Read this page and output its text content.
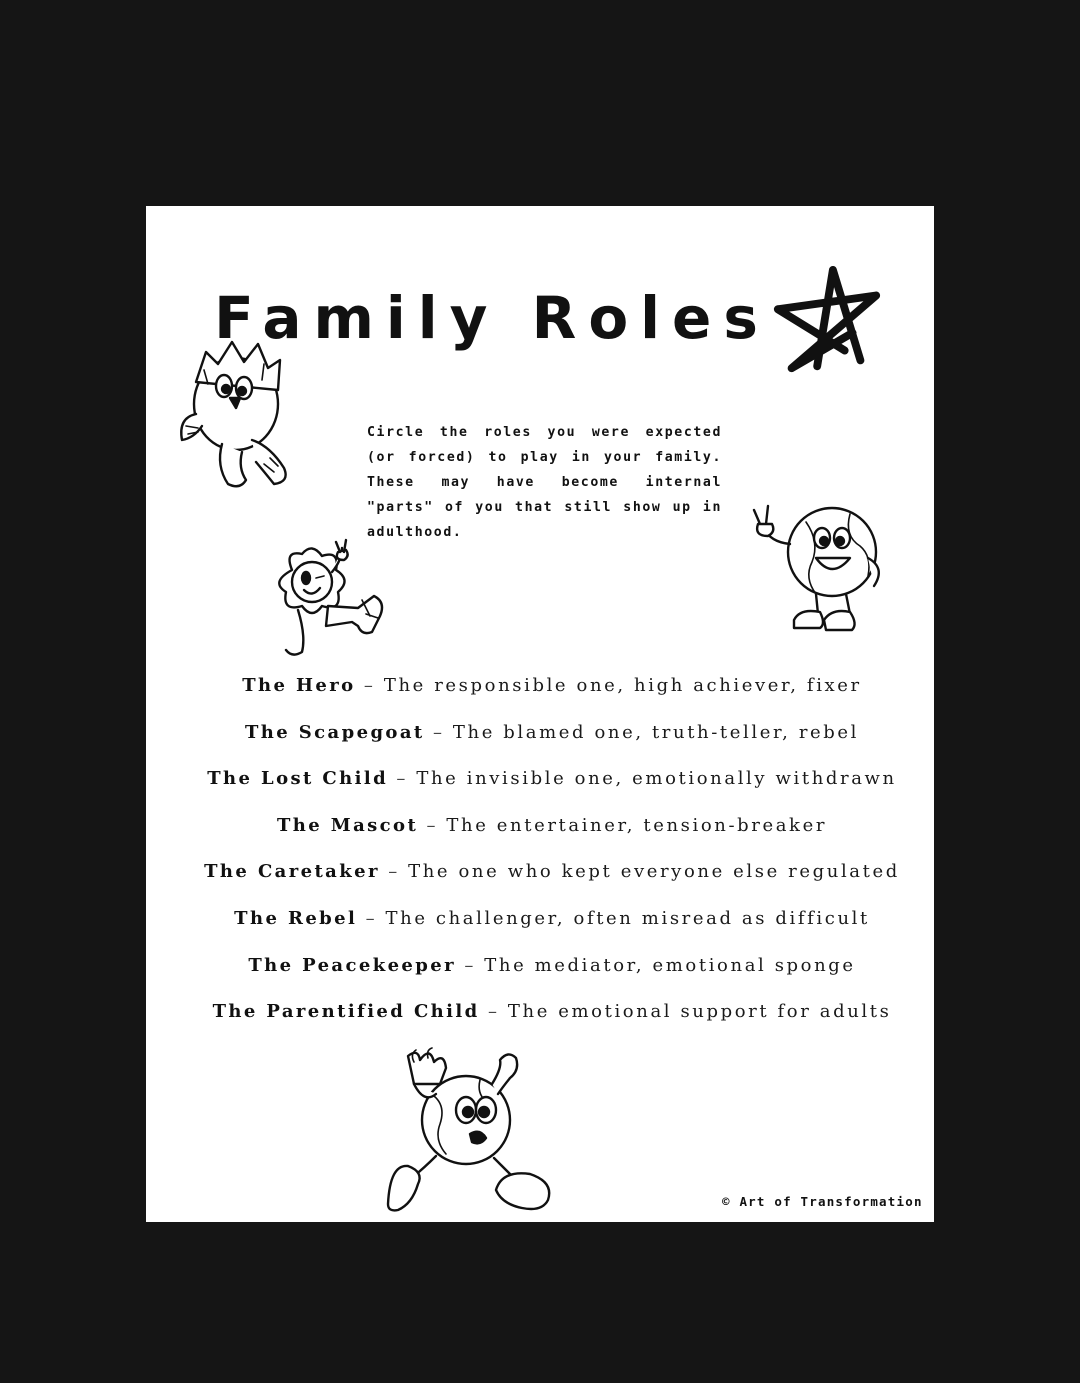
Family Roles
Circle the roles you were expected (or forced) to play in your family. These may have become internal "parts" of you that still show up in adulthood.
The Hero – The responsible one, high achiever, fixer
The Scapegoat – The blamed one, truth-teller, rebel
The Lost Child – The invisible one, emotionally withdrawn
The Mascot – The entertainer, tension-breaker
The Caretaker – The one who kept everyone else regulated
The Rebel – The challenger, often misread as difficult
The Peacekeeper – The mediator, emotional sponge
The Parentified Child – The emotional support for adults
© Art of Transformation
